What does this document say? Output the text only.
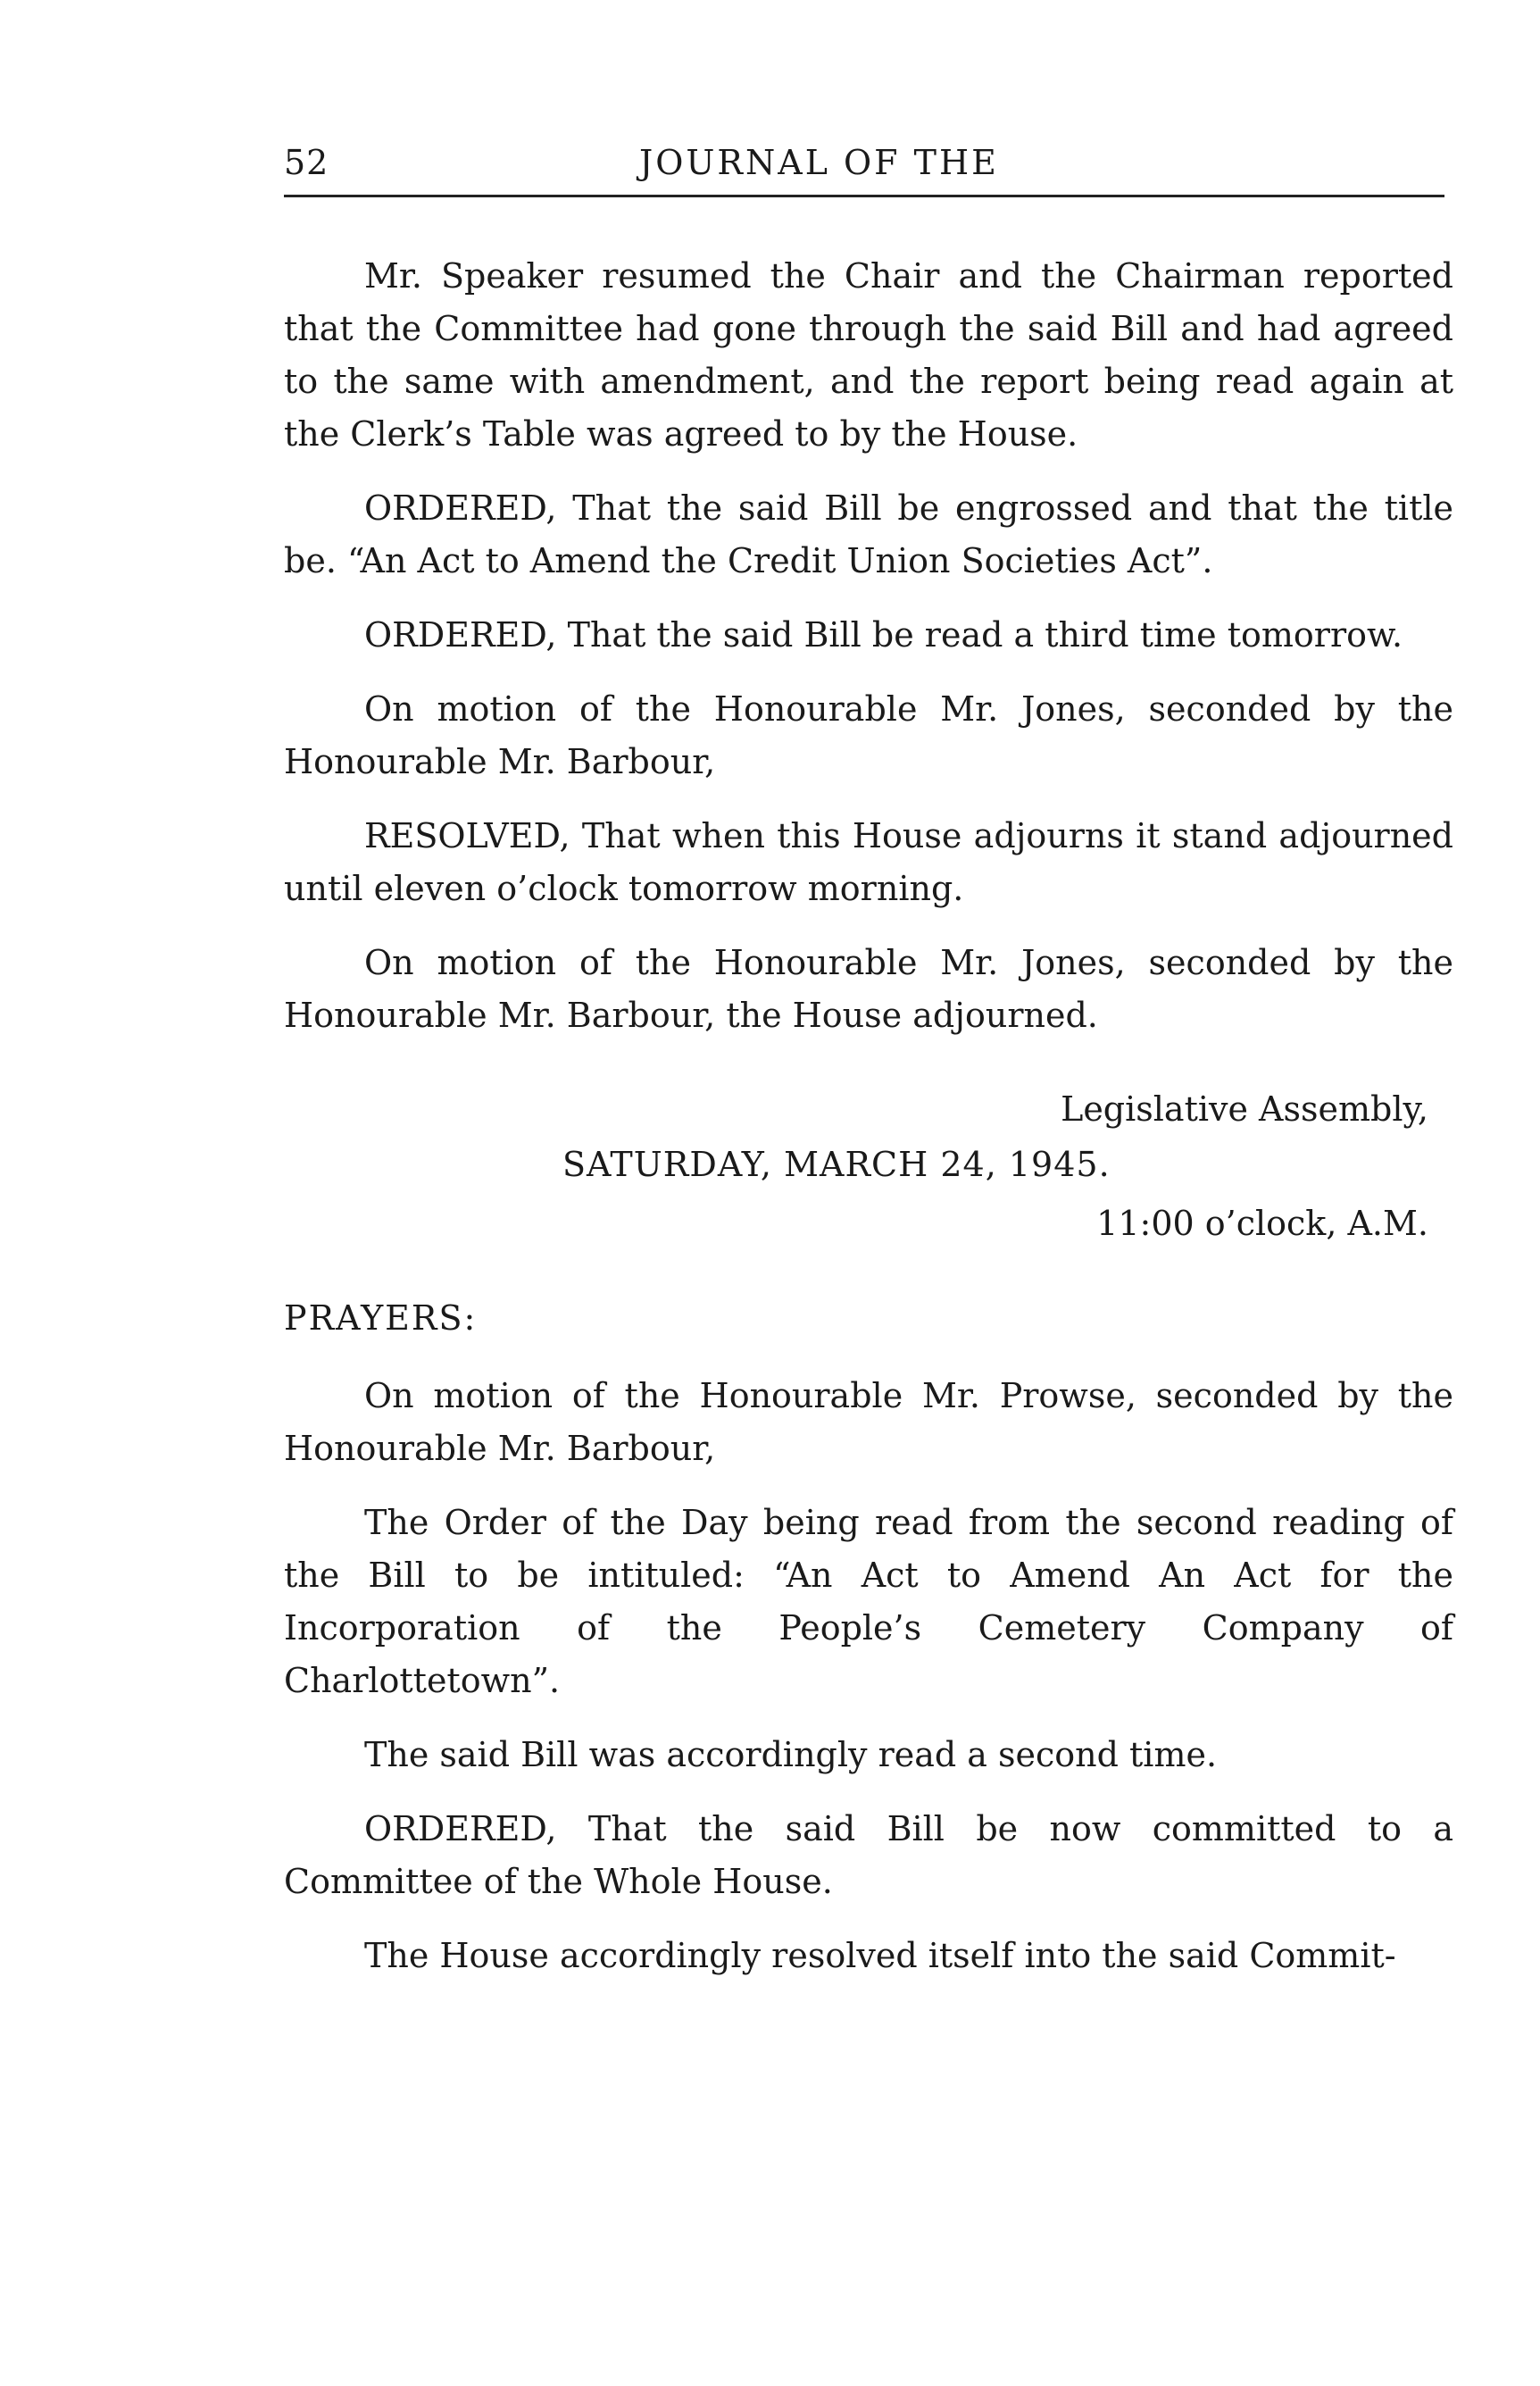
52	JOURNAL OF THE

Mr. Speaker resumed the Chair and the Chairman reported that the Committee had gone through the said Bill and had agreed to the same with amendment, and the report being read again at the Clerk’s Table was agreed to by the House.

ORDERED, That the said Bill be engrossed and that the title be. “An Act to Amend the Credit Union Societies Act”.

ORDERED, That the said Bill be read a third time tomorrow.

On motion of the Honourable Mr. Jones, seconded by the Honourable Mr. Barbour,

RESOLVED, That when this House adjourns it stand adjourned until eleven o’clock tomorrow morning.

On motion of the Honourable Mr. Jones, seconded by the Honourable Mr. Barbour, the House adjourned.

Legislative Assembly,
SATURDAY, MARCH 24, 1945.
11:00 o’clock, A.M.

PRAYERS:

On motion of the Honourable Mr. Prowse, seconded by the Honourable Mr. Barbour,

The Order of the Day being read from the second reading of the Bill to be intituled: “An Act to Amend An Act for the Incorporation of the People’s Cemetery Company of Charlottetown”.

The said Bill was accordingly read a second time.

ORDERED, That the said Bill be now committed to a Committee of the Whole House.

The House accordingly resolved itself into the said Commit-
